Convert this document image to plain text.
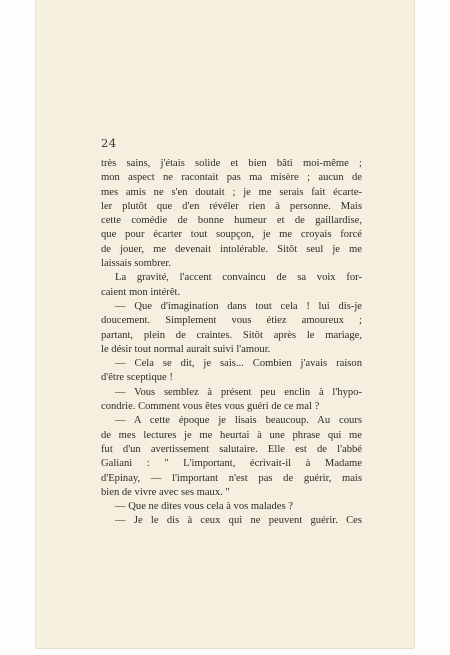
24
très sains, j'étais solide et bien bâti moi-même ;
mon aspect ne racontait pas ma misère ; aucun de
mes amis ne s'en doutait ; je me serais fait écarte-
ler plutôt que d'en révéler rien à personne. Mais
cette comédie de bonne humeur et de gaillardise,
que pour écarter tout soupçon, je me croyais forcé
de jouer, me devenait intolérable. Sitôt seul je me
laissais sombrer.
La gravité, l'accent convaincu de sa voix for-
caient mon intérêt.
— Que d'imagination dans tout cela ! lui dis-je
doucement. Simplement vous étiez amoureux ;
partant, plein de craintes. Sitôt après le mariage,
le désir tout normal aurait suivi l'amour.
— Cela se dit, je sais... Combien j'avais raison
d'être sceptique !
— Vous semblez à présent peu enclin à l'hypo-
condrie. Comment vous êtes vous guéri de ce mal ?
— A cette époque je lisais beaucoup. Au cours
de mes lectures je me heurtai à une phrase qui me
fut d'un avertissement salutaire. Elle est de l'abbé
Galiani : " L'important, écrivait-il à Madame
d'Epinay, — l'important n'est pas de guérir, mais
bien de vivre avec ses maux. "
— Que ne dites vous cela à vos malades ?
— Je le dis à ceux qui ne peuvent guérir. Ces
